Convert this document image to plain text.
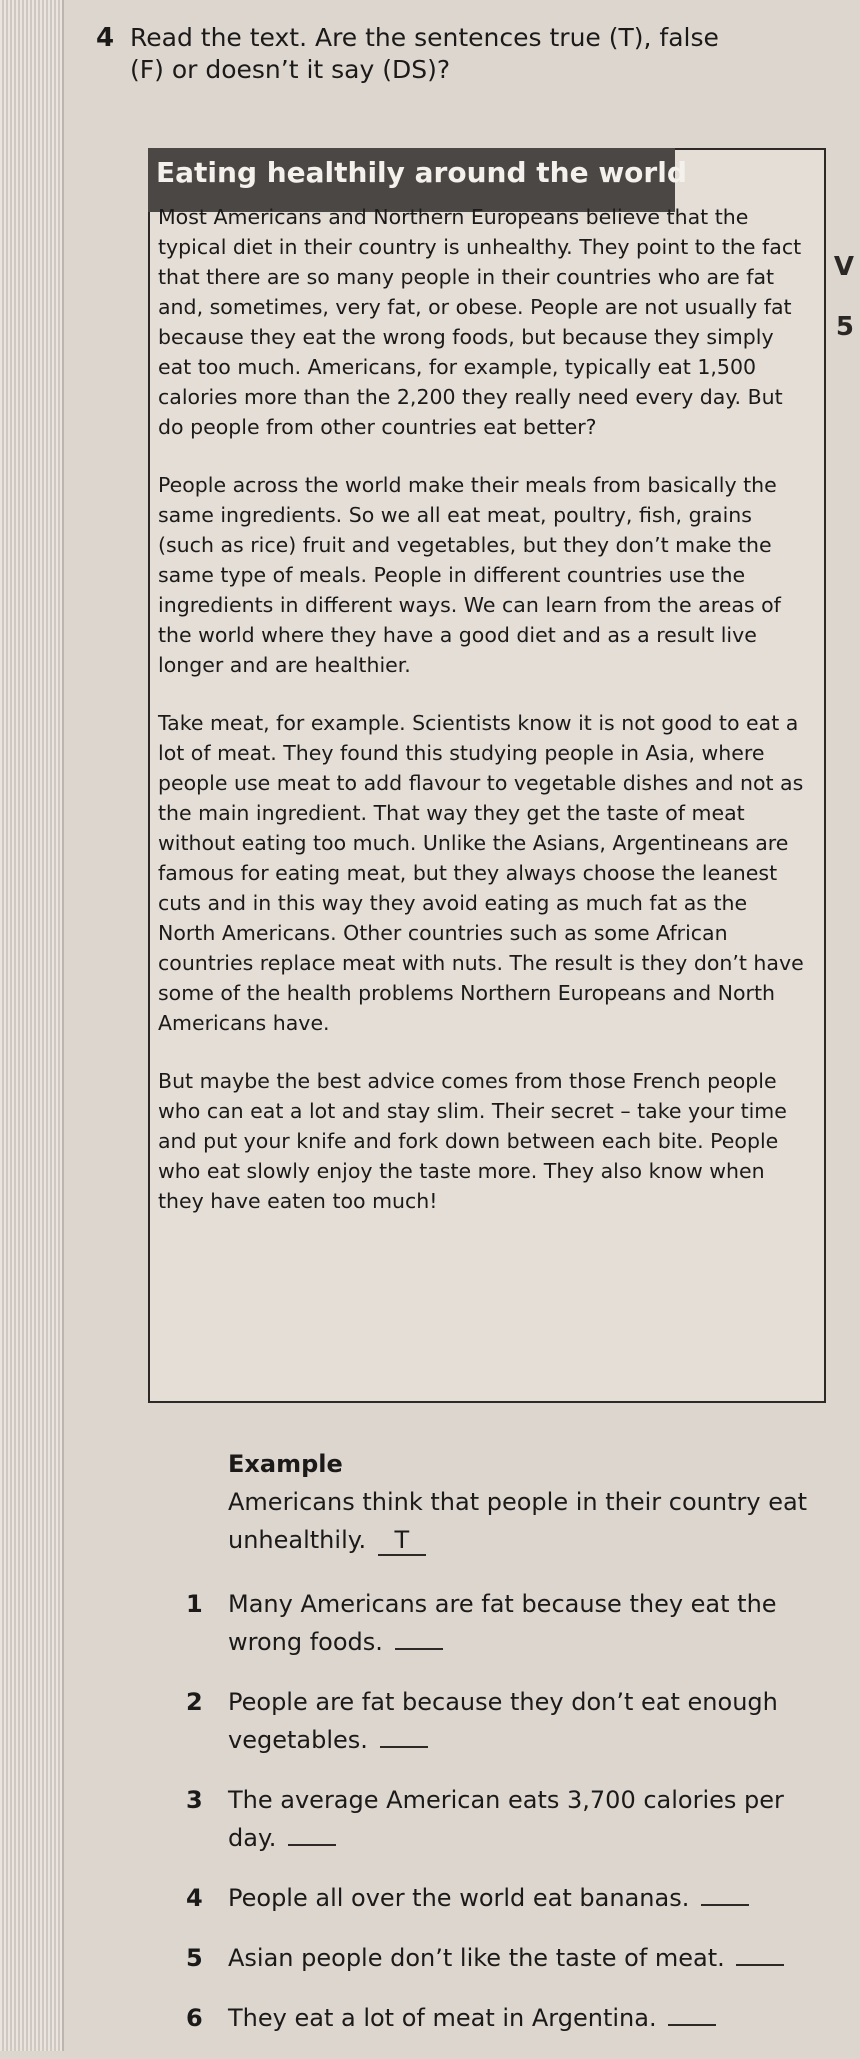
V
5
4 Read the text. Are the sentences true (T), false (F) or doesn’t it say (DS)?
Eating healthily around the world

Most Americans and Northern Europeans believe that the typical diet in their country is unhealthy. They point to the fact that there are so many people in their countries who are fat and, sometimes, very fat, or obese. People are not usually fat because they eat the wrong foods, but because they simply eat too much. Americans, for example, typically eat 1,500 calories more than the 2,200 they really need every day. But do people from other countries eat better?

People across the world make their meals from basically the same ingredients. So we all eat meat, poultry, fish, grains (such as rice) fruit and vegetables, but they don’t make the same type of meals. People in different countries use the ingredients in different ways. We can learn from the areas of the world where they have a good diet and as a result live longer and are healthier.

Take meat, for example. Scientists know it is not good to eat a lot of meat. They found this studying people in Asia, where people use meat to add flavour to vegetable dishes and not as the main ingredient. That way they get the taste of meat without eating too much. Unlike the Asians, Argentineans are famous for eating meat, but they always choose the leanest cuts and in this way they avoid eating as much fat as the North Americans. Other countries such as some African countries replace meat with nuts. The result is they don’t have some of the health problems Northern Europeans and North Americans have.

But maybe the best advice comes from those French people who can eat a lot and stay slim. Their secret – take your time and put your knife and fork down between each bite. People who eat slowly enjoy the taste more. They also know when they have eaten too much!

Example

Americans think that people in their country eat unhealthily. T

1 Many Americans are fat because they eat the wrong foods.

2 People are fat because they don’t eat enough vegetables.

3 The average American eats 3,700 calories per day.

4 People all over the world eat bananas.

5 Asian people don’t like the taste of meat.

6 They eat a lot of meat in Argentina.
